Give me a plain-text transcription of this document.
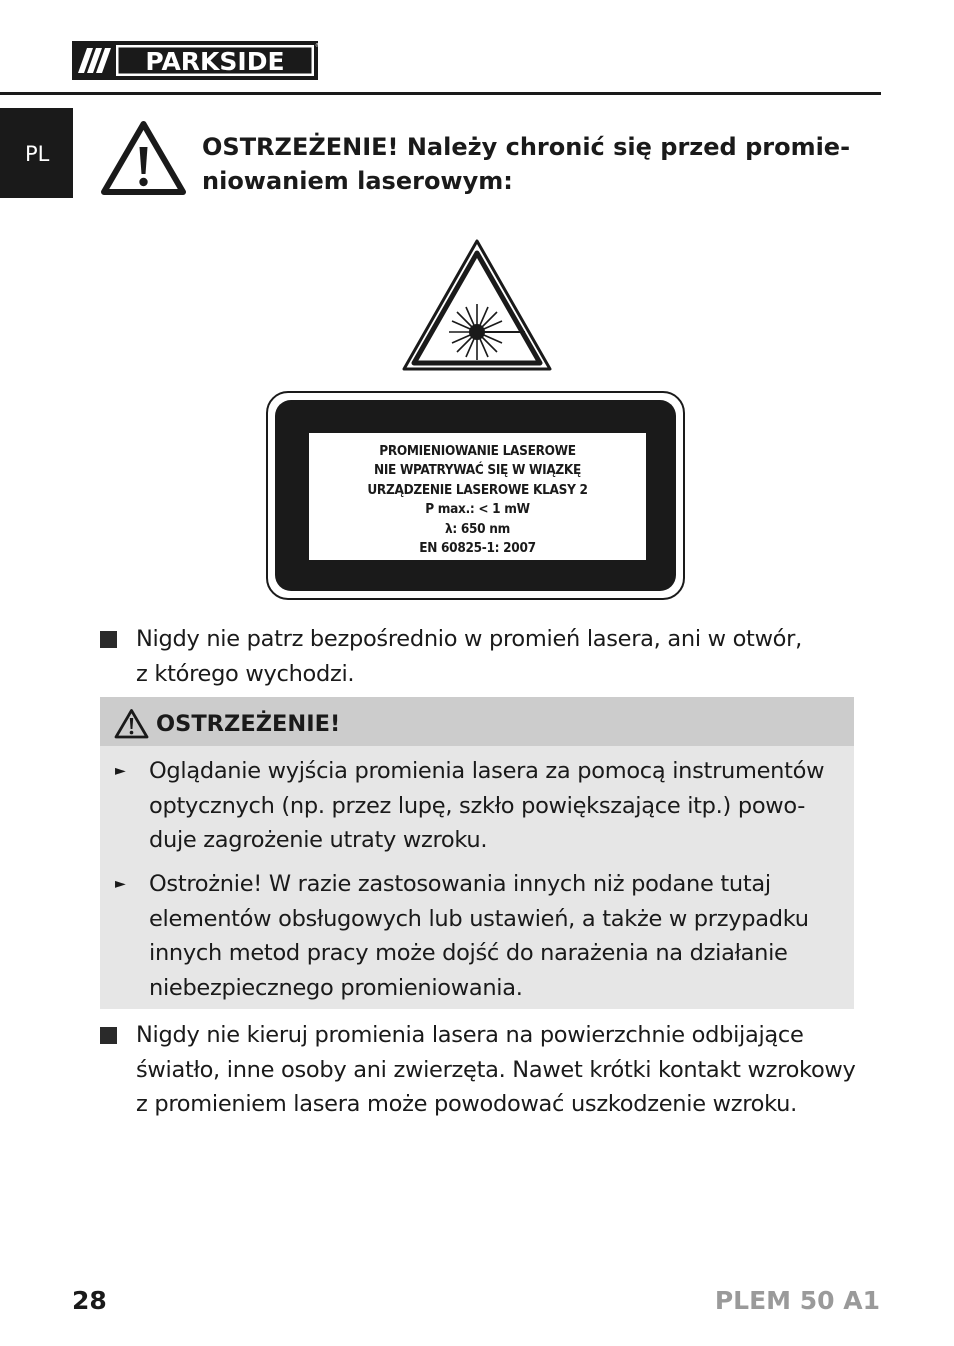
PARKSIDE
®
PL	OSTRZEŻENIE! Należy chronić się przed promie-
niowaniem laserowym:
PROMIENIOWANIE LASEROWE
NIE WPATRYWAĆ SIĘ W WIĄZKĘ
URZĄDZENIE LASEROWE KLASY 2
P max.: < 1 mW
λ: 650 nm
EN 60825-1: 2007
Nigdy nie patrz bezpośrednio w promień lasera, ani w otwór,
z którego wychodzi.
OSTRZEŻENIE!
► Oglądanie wyjścia promienia lasera za pomocą instrumentów
optycznych (np. przez lupę, szkło powiększające itp.) powo-
duje zagrożenie utraty wzroku.
► Ostrożnie! W razie zastosowania innych niż podane tutaj
elementów obsługowych lub ustawień, a także w przypadku
innych metod pracy może dojść do narażenia na działanie
niebezpiecznego promieniowania.
Nigdy nie kieruj promienia lasera na powierzchnie odbijające
światło, inne osoby ani zwierzęta. Nawet krótki kontakt wzrokowy
z promieniem lasera może powodować uszkodzenie wzroku.
28	PLEM 50 A1
